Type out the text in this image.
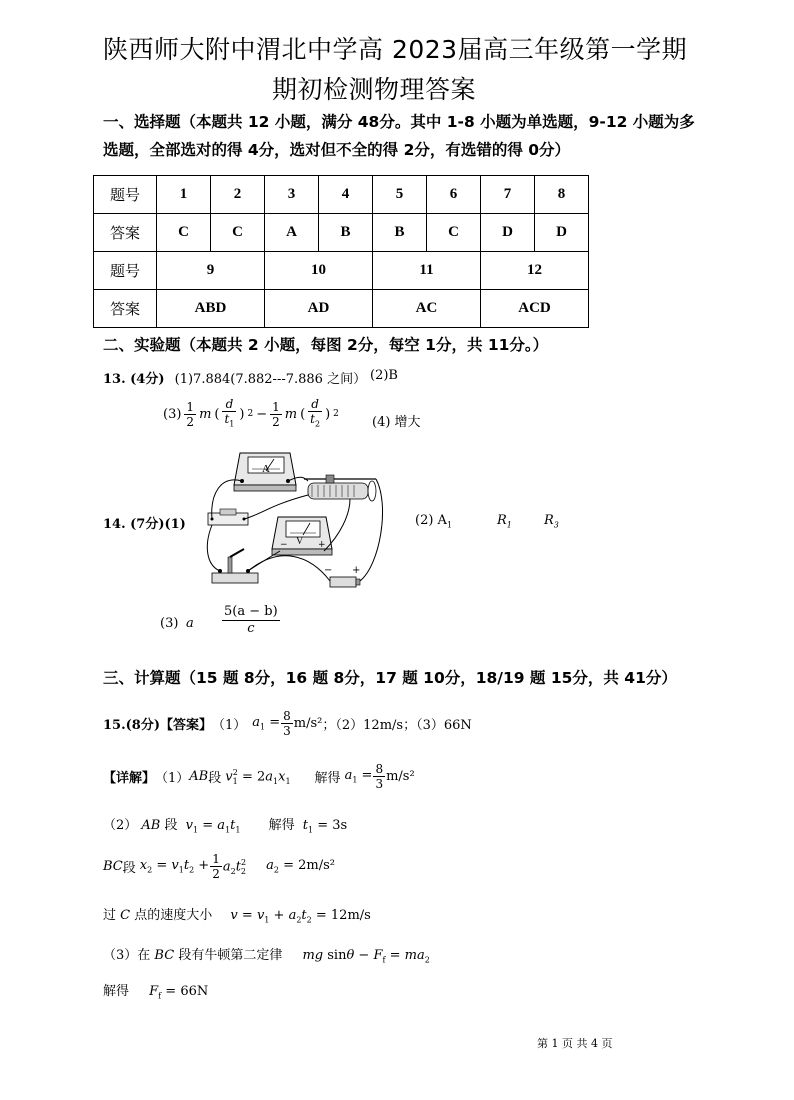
陕西师大附中渭北中学高 2023届高三年级第一学期
期初检测物理答案
一、选择题（本题共 12 小题，满分 48分。其中 1-8 小题为单选题，9-12 小题为多
选题，全部选对的得 4分，选对但不全的得 2分，有选错的得 0分）
题号	1	2	3	4	5	6	7	8
答案	C	C	A	B	B	C	D	D
题号	9		10		11		12	
答案	ABD		AD		AC		ACD	
二、实验题（本题共 2 小题，每图 2分，每空 1分，共 11分。）
13. (4分) (1)7.884(7.882---7.886 之间） (2)B
$(3) \frac{1}{2}$ m ( $\frac{d}{t_1}$ ) $2 - \frac{1}{2}$ m ( $\frac{d}{t_2}$ ) 2
(4) 增大
14. (7分)(1)
A
V
−	+
− +
(2) $A_1$	$R_1$ $R_3$
(3) a $\frac{5(a - b)}{c}$
三、计算题（15 题 8分，16 题 8分，17 题 10分，18/19 题 15分，共 41分）
15.(8分)【答案】 （1） $a_1 = \frac{8}{3} m/s^2$ ；（2）12m/s；（3）66N
【详解】 （1） AB 段 $v_1^2 = 2a_1x_1$ 解得 $a_1 = \frac{8}{3} m/s^2$
（2） AB 段 $v_1 = a_1t_1$ 解得 $t_1 = 3s$
BC 段 $x_2 = v_1t_2 + \frac{1}{2} a_2t_2^2$ $a_2 = 2m/s^2$
过 C 点的速度大小 $v = v_1 + a_2t_2 = 12m/s$
（3）在 BC 段有牛顿第二定律 mg $\sin\theta - F_f = ma_2$
解得 $F_f = 66N$
第 1 页 共 4 页
